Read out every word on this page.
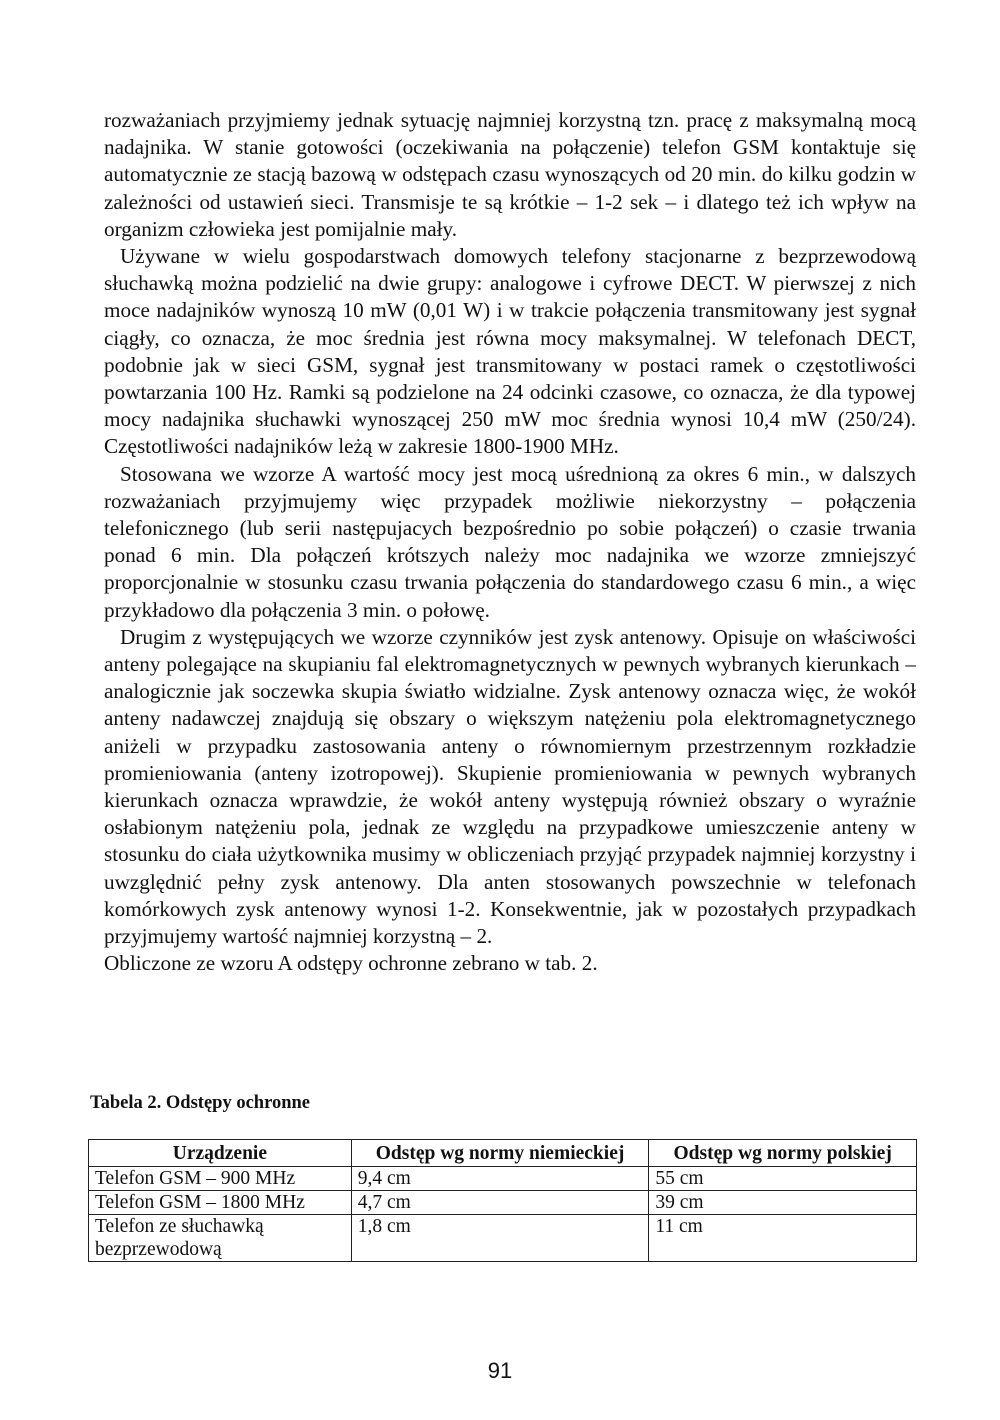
rozważaniach przyjmiemy jednak sytuację najmniej korzystną tzn. pracę z maksymalną mocą nadajnika. W stanie gotowości (oczekiwania na połączenie) telefon GSM kontaktuje się automatycznie ze stacją bazową w odstępach czasu wynoszących od 20 min. do kilku godzin w zależności od ustawień sieci. Transmisje te są krótkie – 1-2 sek – i dlatego też ich wpływ na organizm człowieka jest pomijalnie mały.

Używane w wielu gospodarstwach domowych telefony stacjonarne z bezprzewodową słuchawką można podzielić na dwie grupy: analogowe i cyfrowe DECT. W pierwszej z nich moce nadajników wynoszą 10 mW (0,01 W) i w trakcie połączenia transmitowany jest sygnał ciągły, co oznacza, że moc średnia jest równa mocy maksymalnej. W telefonach DECT, podobnie jak w sieci GSM, sygnał jest transmitowany w postaci ramek o częstotliwości powtarzania 100 Hz. Ramki są podzielone na 24 odcinki czasowe, co oznacza, że dla typowej mocy nadajnika słuchawki wynoszącej 250 mW moc średnia wynosi 10,4 mW (250/24). Częstotliwości nadajników leżą w zakresie 1800-1900 MHz.

Stosowana we wzorze A wartość mocy jest mocą uśrednioną za okres 6 min., w dalszych rozważaniach przyjmujemy więc przypadek możliwie niekorzystny – połączenia telefonicznego (lub serii następujacych bezpośrednio po sobie połączeń) o czasie trwania ponad 6 min. Dla połączeń krótszych należy moc nadajnika we wzorze zmniejszyć proporcjonalnie w stosunku czasu trwania połączenia do standardowego czasu 6 min., a więc przykładowo dla połączenia 3 min. o połowę.

Drugim z występujących we wzorze czynników jest zysk antenowy. Opisuje on właściwości anteny polegające na skupianiu fal elektromagnetycznych w pewnych wybranych kierunkach – analogicznie jak soczewka skupia światło widzialne. Zysk antenowy oznacza więc, że wokół anteny nadawczej znajdują się obszary o większym natężeniu pola elektromagnetycznego aniżeli w przypadku zastosowania anteny o równomiernym przestrzennym rozkładzie promieniowania (anteny izotropowej). Skupienie promieniowania w pewnych wybranych kierunkach oznacza wprawdzie, że wokół anteny występują również obszary o wyraźnie osłabionym natężeniu pola, jednak ze względu na przypadkowe umieszczenie anteny w stosunku do ciała użytkownika musimy w obliczeniach przyjąć przypadek najmniej korzystny i uwzględnić pełny zysk antenowy. Dla anten stosowanych powszechnie w telefonach komórkowych zysk antenowy wynosi 1-2. Konsekwentnie, jak w pozostałych przypadkach przyjmujemy wartość najmniej korzystną – 2.

Obliczone ze wzoru A odstępy ochronne zebrano w tab. 2.

Tabela 2. Odstępy ochronne

Urządzenie	Odstęp wg normy niemieckiej	Odstęp wg normy polskiej
Telefon GSM – 900 MHz	9,4 cm	55 cm
Telefon GSM – 1800 MHz	4,7 cm	39 cm
Telefon ze słuchawką bezprzewodową	1,8 cm	11 cm
91
